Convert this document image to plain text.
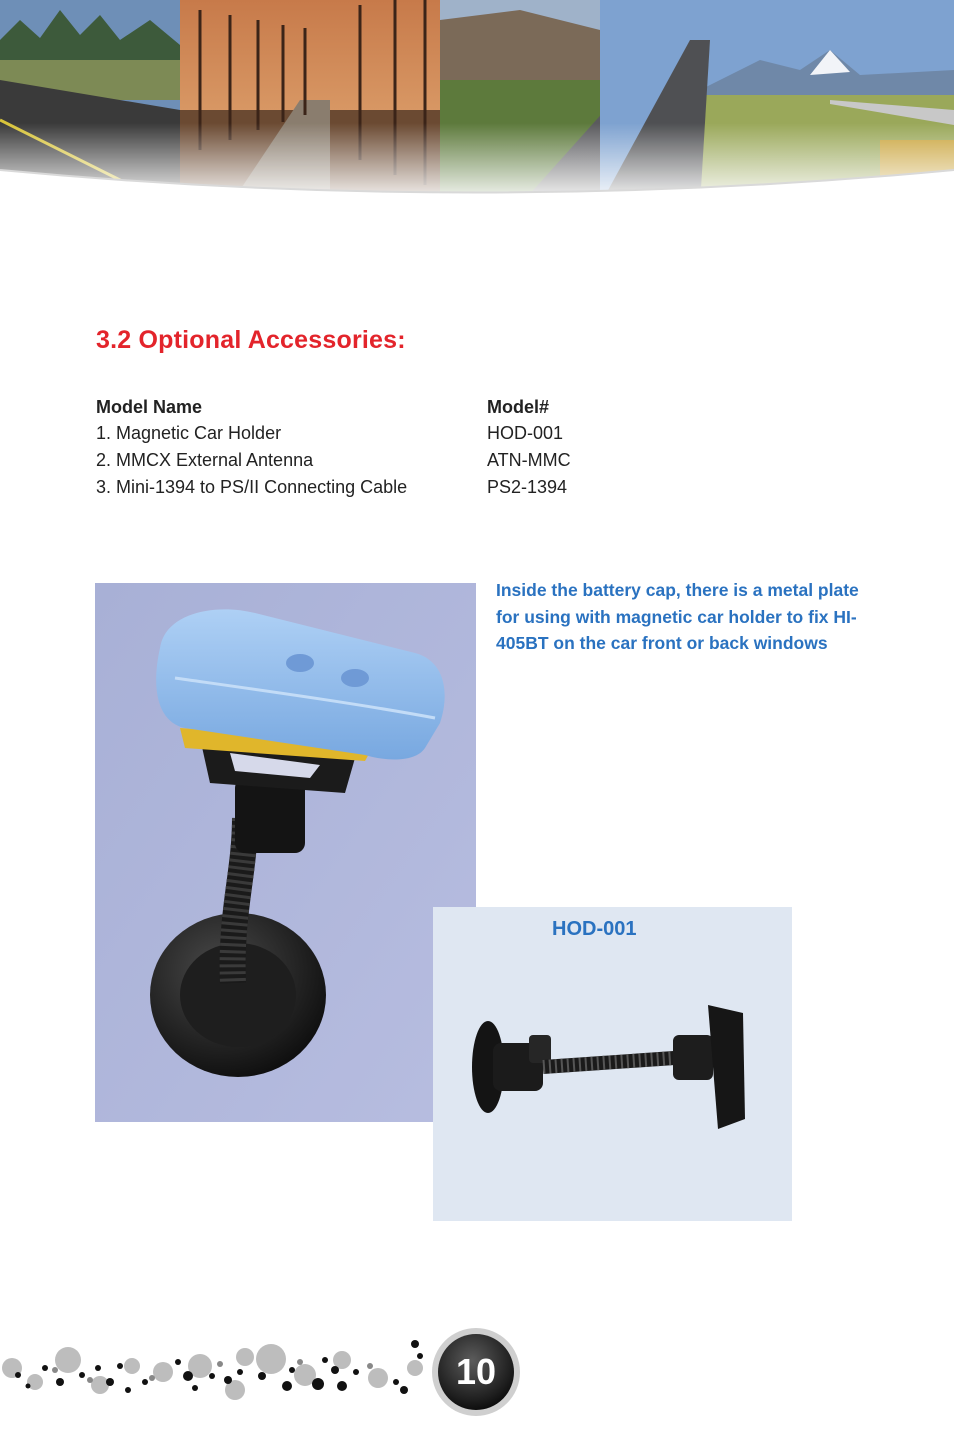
3.2 Optional Accessories:
Model Name	Model#
1. Magnetic Car Holder	HOD-001
2. MMCX External Antenna	ATN-MMC
3. Mini-1394 to PS/II Connecting Cable	PS2-1394

Inside the battery cap, there is a metal plate for using with magnetic car holder to fix HI-405BT on the car front or back windows

HOD-001
10
